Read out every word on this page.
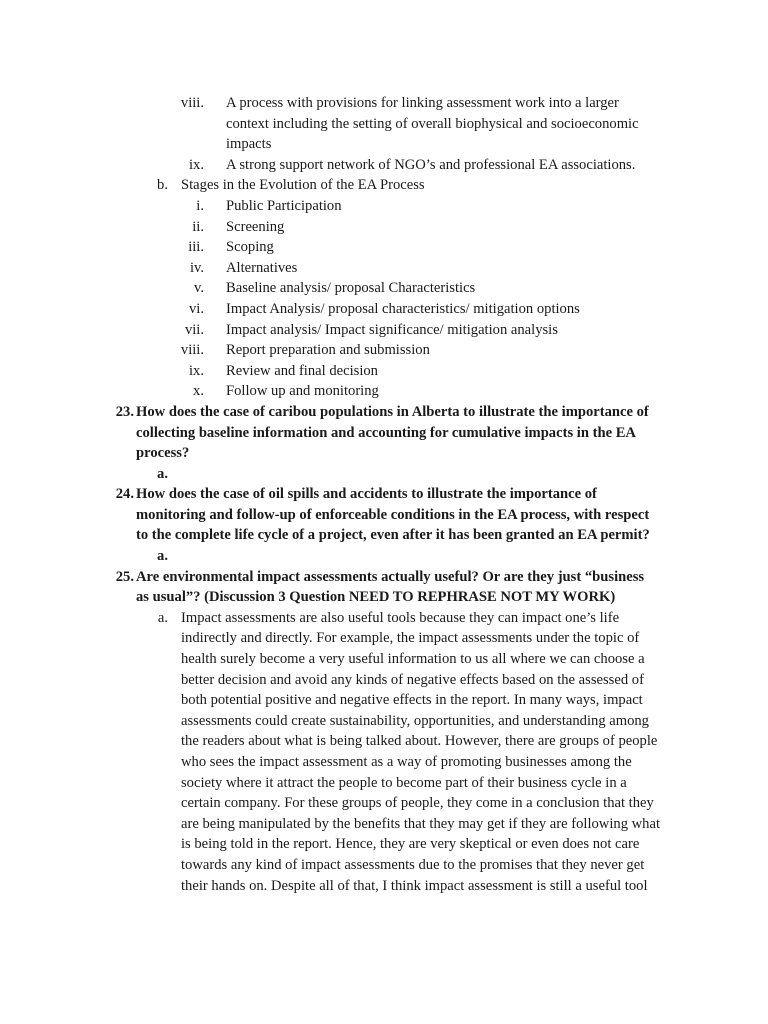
viii. A process with provisions for linking assessment work into a larger
context including the setting of overall biophysical and socioeconomic
impacts
ix. A strong support network of NGO’s and professional EA associations.
b. Stages in the Evolution of the EA Process
i. Public Participation
ii. Screening
iii. Scoping
iv. Alternatives
v. Baseline analysis/ proposal Characteristics
vi. Impact Analysis/ proposal characteristics/ mitigation options
vii. Impact analysis/ Impact significance/ mitigation analysis
viii. Report preparation and submission
ix. Review and final decision
x. Follow up and monitoring
23. How does the case of caribou populations in Alberta to illustrate the importance of
collecting baseline information and accounting for cumulative impacts in the EA
process?
a.
24. How does the case of oil spills and accidents to illustrate the importance of
monitoring and follow-up of enforceable conditions in the EA process, with respect
to the complete life cycle of a project, even after it has been granted an EA permit?
a.
25. Are environmental impact assessments actually useful? Or are they just “business
as usual”? (Discussion 3 Question NEED TO REPHRASE NOT MY WORK)
a. Impact assessments are also useful tools because they can impact one’s life
indirectly and directly. For example, the impact assessments under the topic of
health surely become a very useful information to us all where we can choose a
better decision and avoid any kinds of negative effects based on the assessed of
both potential positive and negative effects in the report. In many ways, impact
assessments could create sustainability, opportunities, and understanding among
the readers about what is being talked about. However, there are groups of people
who sees the impact assessment as a way of promoting businesses among the
society where it attract the people to become part of their business cycle in a
certain company. For these groups of people, they come in a conclusion that they
are being manipulated by the benefits that they may get if they are following what
is being told in the report. Hence, they are very skeptical or even does not care
towards any kind of impact assessments due to the promises that they never get
their hands on. Despite all of that, I think impact assessment is still a useful tool
